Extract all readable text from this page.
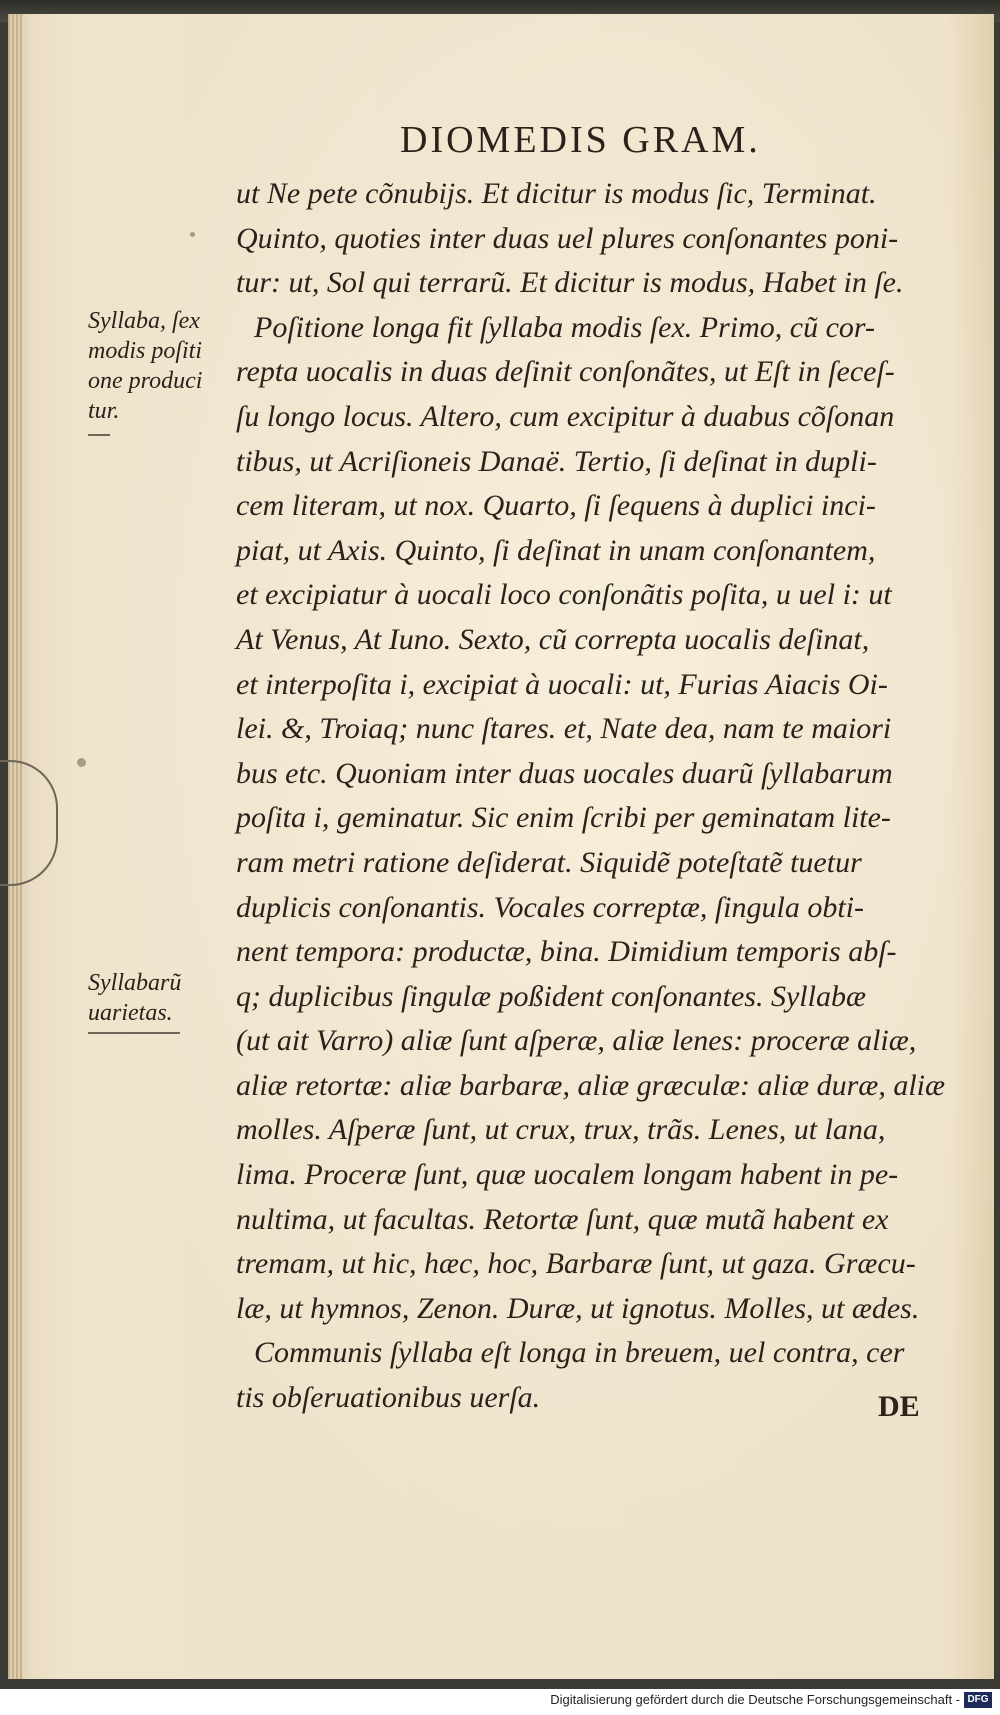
DIOMEDIS GRAM.
ut Ne pete cõnubijs. Et dicitur is modus ſic, Terminat.
Quinto, quoties inter duas uel plures conſonantes poni-
tur: ut, Sol qui terrarũ. Et dicitur is modus, Habet in ſe.
Poſitione longa fit ſyllaba modis ſex. Primo, cũ cor-
repta uocalis in duas deſinit conſonãtes, ut Eſt in ſeceſ-
ſu longo locus. Altero, cum excipitur à duabus cõſonan
tibus, ut Acriſioneis Danaë. Tertio, ſi deſinat in dupli-
cem literam, ut nox. Quarto, ſi ſequens à duplici inci-
piat, ut Axis. Quinto, ſi deſinat in unam conſonantem,
et excipiatur à uocali loco conſonãtis poſita, u uel i: ut
At Venus, At Iuno. Sexto, cũ correpta uocalis deſinat,
et interpoſita i, excipiat à uocali: ut, Furias Aiacis Oi-
lei. &, Troiaq; nunc ſtares. et, Nate dea, nam te maiori
bus etc. Quoniam inter duas uocales duarũ ſyllabarum
poſita i, geminatur. Sic enim ſcribi per geminatam lite-
ram metri ratione deſiderat. Siquidẽ poteſtatẽ tuetur
duplicis conſonantis. Vocales correptæ, ſingula obti-
nent tempora: productæ, bina. Dimidium temporis abſ-
q; duplicibus ſingulæ poßident conſonantes. Syllabæ
(ut ait Varro) aliæ ſunt aſperæ, aliæ lenes: proceræ aliæ,
aliæ retortæ: aliæ barbaræ, aliæ græculæ: aliæ duræ, aliæ
molles. Aſperæ ſunt, ut crux, trux, trãs. Lenes, ut lana,
lima. Proceræ ſunt, quæ uocalem longam habent in pe-
nultima, ut facultas. Retortæ ſunt, quæ mutã habent ex
tremam, ut hic, hæc, hoc, Barbaræ ſunt, ut gaza. Græcu-
læ, ut hymnos, Zenon. Duræ, ut ignotus. Molles, ut ædes.
Communis ſyllaba eſt longa in breuem, uel contra, cer
tis obſeruationibus uerſa.
Syllaba, ſex
modis poſiti
one produci
tur.
Syllabarũ
uarietas.
DE
Digitalisierung gefördert durch die Deutsche Forschungsgemeinschaft - DFG
